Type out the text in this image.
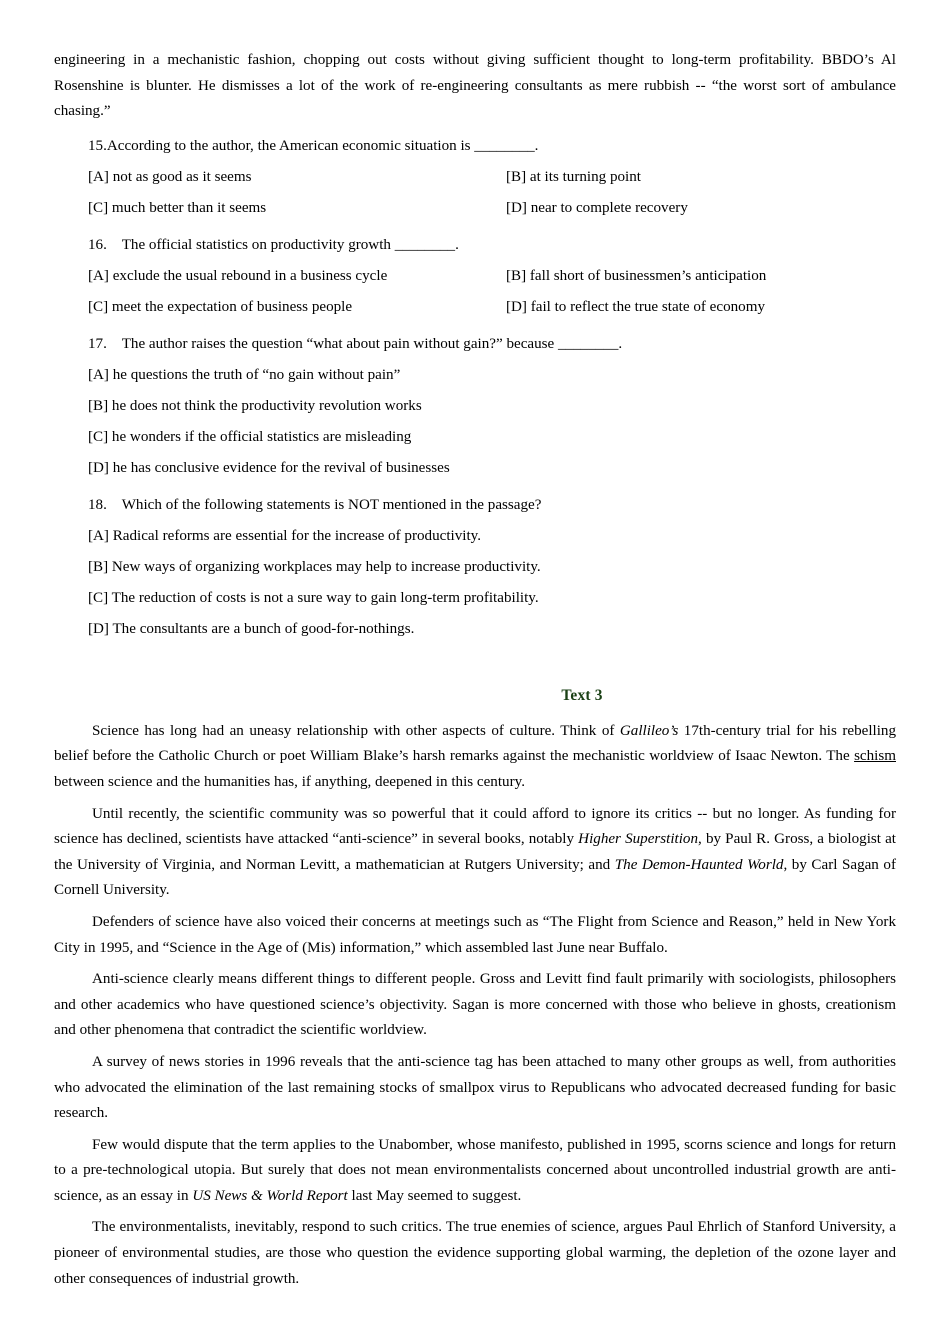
engineering in a mechanistic fashion, chopping out costs without giving sufficient thought to long-term profitability. BBDO’s Al Rosenshine is blunter. He dismisses a lot of the work of re-engineering consultants as mere rubbish -- “the worst sort of ambulance chasing.”

15.According to the author, the American economic situation is ________.
[A] not as good as it seems	[B] at its turning point
[C] much better than it seems	[D] near to complete recovery
16.    The official statistics on productivity growth ________.
[A] exclude the usual rebound in a business cycle	[B] fall short of businessmen’s anticipation
[C] meet the expectation of business people	[D] fail to reflect the true state of economy
17.    The author raises the question “what about pain without gain?” because ________.
[A] he questions the truth of “no gain without pain”
[B] he does not think the productivity revolution works
[C] he wonders if the official statistics are misleading
[D] he has conclusive evidence for the revival of businesses
18.    Which of the following statements is NOT mentioned in the passage?
[A] Radical reforms are essential for the increase of productivity.
[B] New ways of organizing workplaces may help to increase productivity.
[C] The reduction of costs is not a sure way to gain long-term profitability.
[D] The consultants are a bunch of good-for-nothings.
Text 3

Science has long had an uneasy relationship with other aspects of culture. Think of Gallileo’s 17th-century trial for his rebelling belief before the Catholic Church or poet William Blake’s harsh remarks against the mechanistic worldview of Isaac Newton. The schism between science and the humanities has, if anything, deepened in this century.

Until recently, the scientific community was so powerful that it could afford to ignore its critics -- but no longer. As funding for science has declined, scientists have attacked “anti-science” in several books, notably Higher Superstition, by Paul R. Gross, a biologist at the University of Virginia, and Norman Levitt, a mathematician at Rutgers University; and The Demon-Haunted World, by Carl Sagan of Cornell University.

Defenders of science have also voiced their concerns at meetings such as “The Flight from Science and Reason,” held in New York City in 1995, and “Science in the Age of (Mis) information,” which assembled last June near Buffalo.

Anti-science clearly means different things to different people. Gross and Levitt find fault primarily with sociologists, philosophers and other academics who have questioned science’s objectivity. Sagan is more concerned with those who believe in ghosts, creationism and other phenomena that contradict the scientific worldview.

A survey of news stories in 1996 reveals that the anti-science tag has been attached to many other groups as well, from authorities who advocated the elimination of the last remaining stocks of smallpox virus to Republicans who advocated decreased funding for basic research.

Few would dispute that the term applies to the Unabomber, whose manifesto, published in 1995, scorns science and longs for return to a pre-technological utopia. But surely that does not mean environmentalists concerned about uncontrolled industrial growth are anti-science, as an essay in US News & World Report last May seemed to suggest.

The environmentalists, inevitably, respond to such critics. The true enemies of science, argues Paul Ehrlich of Stanford University, a pioneer of environmental studies, are those who question the evidence supporting global warming, the depletion of the ozone layer and other consequences of industrial growth.
